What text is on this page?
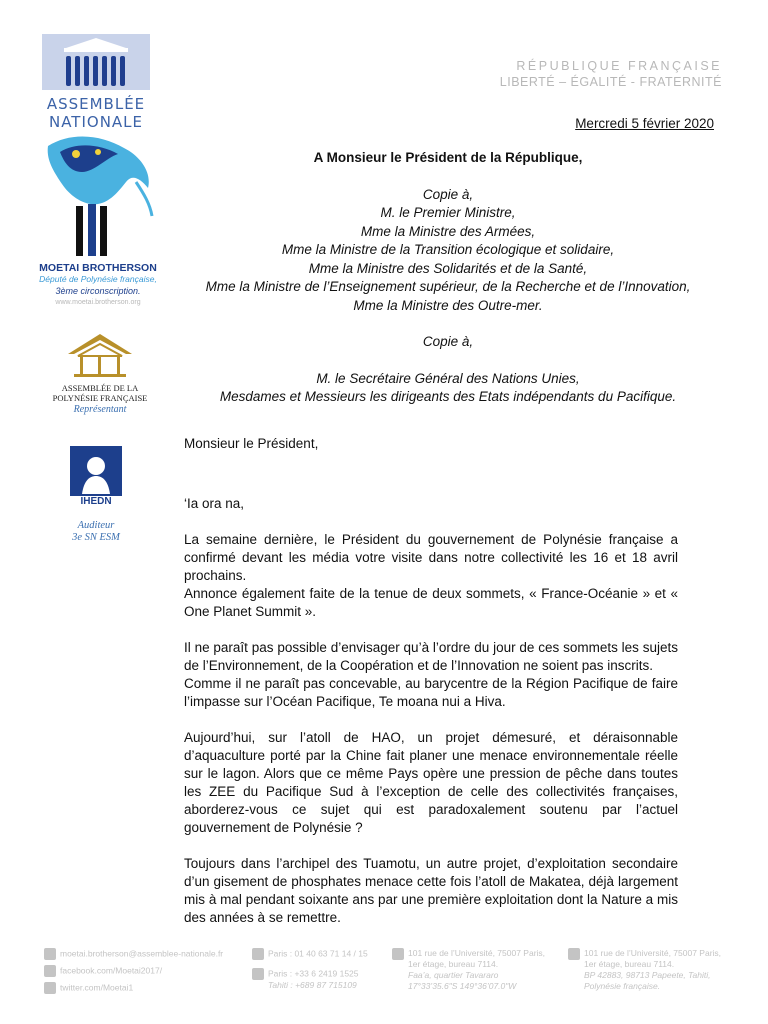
ASSEMBLÉE
NATIONALE
MOETAI BROTHERSON
Député de Polynésie française,
3ème circonscription.
www.moetai.brotherson.org
ASSEMBLÉE DE LA
POLYNÉSIE FRANÇAISE
Représentant
IHEDN
Auditeur
3e SN ESM
RÉPUBLIQUE FRANÇAISE
LIBERTÉ – ÉGALITÉ - FRATERNITÉ
Mercredi 5 février 2020
A Monsieur le Président de la République,
Copie à,
M. le Premier Ministre,
Mme la Ministre des Armées,
Mme la Ministre de la Transition écologique et solidaire,
Mme la Ministre des Solidarités et de la Santé,
Mme la Ministre de l’Enseignement supérieur, de la Recherche et de l’Innovation,
Mme la Ministre des Outre-mer.
Copie à,
M. le Secrétaire Général des Nations Unies,
Mesdames et Messieurs les dirigeants des Etats indépendants du Pacifique.
Monsieur le Président,

‘Ia ora na,

La semaine dernière, le Président du gouvernement de Polynésie française a confirmé devant les média votre visite dans notre collectivité les 16 et 18 avril prochains.

Annonce également faite de la tenue de deux sommets, « France-Océanie » et « One Planet Summit ».

Il ne paraît pas possible d’envisager qu’à l’ordre du jour de ces sommets les sujets de l’Environnement, de la Coopération et de l’Innovation ne soient pas inscrits.

Comme il ne paraît pas concevable, au barycentre de la Région Pacifique de faire l’impasse sur l’Océan Pacifique, Te moana nui a Hiva.

Aujourd’hui, sur l’atoll de HAO, un projet démesuré, et déraisonnable d’aquaculture porté par la Chine fait planer une menace environnementale réelle sur le lagon. Alors que ce même Pays opère une pression de pêche dans toutes les ZEE du Pacifique Sud à l’exception de celle des collectivités françaises, aborderez-vous ce sujet qui est paradoxalement soutenu par l’actuel gouvernement de Polynésie ?

Toujours dans l’archipel des Tuamotu, un autre projet, d’exploitation secondaire d’un gisement de phosphates menace cette fois l’atoll de Makatea, déjà largement mis à mal pendant soixante ans par une première exploitation dont la Nature a mis des années à se remettre.

moetai.brotherson@assemblee-nationale.fr
facebook.com/Moetai2017/
twitter.com/Moetai1
Paris : 01 40 63 71 14 / 15
Paris : +33 6 2419 1525
Tahiti : +689 87 715109
101 rue de l’Université, 75007 Paris,
1er étage, bureau 7114.
Faa’a, quartier Tavararo
17°33’35.6"S 149°36’07.0"W
101 rue de l’Université, 75007 Paris,
1er étage, bureau 7114.
BP 42883, 98713 Papeete, Tahiti,
Polynésie française.
